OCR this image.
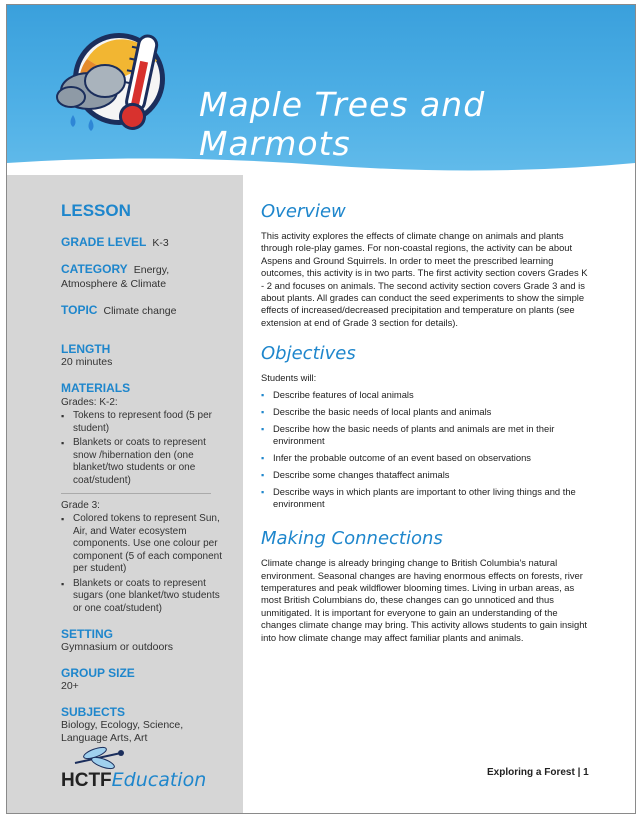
Maple Trees and Marmots
LESSON
GRADE LEVEL K-3
CATEGORY Energy,
Atmosphere & Climate
TOPIC Climate change
LENGTH
20 minutes
MATERIALS
Grades: K-2:
▪ Tokens to represent food (5 per student)
▪ Blankets or coats to represent snow /hibernation den (one blanket/two students or one coat/student)
Grade 3:
▪ Colored tokens to represent Sun, Air, and Water ecosystem components. Use one colour per component (5 of each component per student)
▪ Blankets or coats to represent sugars (one blanket/two students or one coat/student)
SETTING
Gymnasium or outdoors
GROUP SIZE
20+
SUBJECTS
Biology, Ecology, Science, Language Arts, Art
HCTFEducation
Overview

This activity explores the effects of climate change on animals and plants through role-play games. For non-coastal regions, the activity can be about Aspens and Ground Squirrels. In order to meet the prescribed learning outcomes, this activity is in two parts. The first activity section covers Grades K - 2 and focuses on animals. The second activity section covers Grade 3 and is about plants. All grades can conduct the seed experiments to show the simple effects of increased/decreased precipitation and temperature on plants (see extension at end of Grade 3 section for details).

Objectives
Students will:
▪ Describe features of local animals
▪ Describe the basic needs of local plants and animals
▪ Describe how the basic needs of plants and animals are met in their environment
▪ Infer the probable outcome of an event based on observations
▪ Describe some changes thataffect animals
▪ Describe ways in which plants are important to other living things and the environment
Making Connections

Climate change is already bringing change to British Columbia's natural environment. Seasonal changes are having enormous effects on forests, river temperatures and peak wildflower blooming times. Living in urban areas, as most British Columbians do, these changes can go unnoticed and thus unmitigated. It is important for everyone to gain an understanding of the changes climate change may bring. This activity allows students to gain insight into how climate change may affect familiar plants and animals.

Exploring a Forest | 1
